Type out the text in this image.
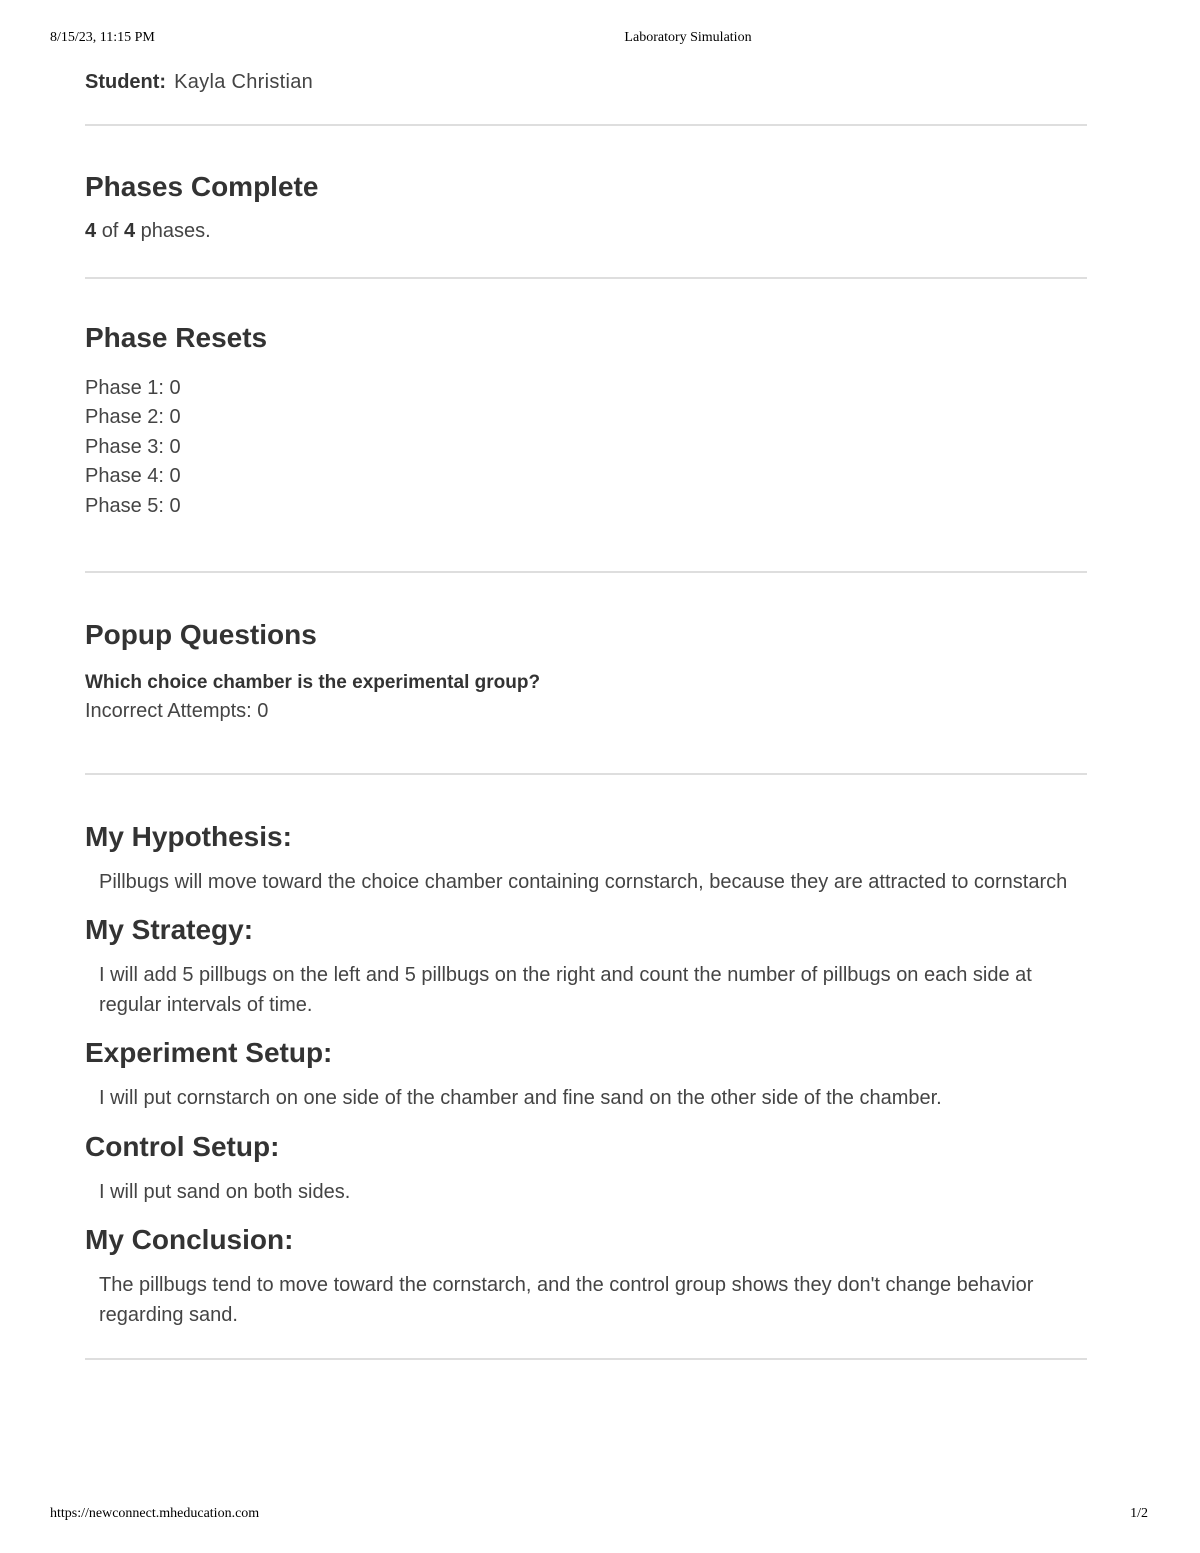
8/15/23, 11:15 PM	Laboratory Simulation

Student: Kayla Christian

Phases Complete

4 of 4 phases.

Phase Resets

Phase 1: 0

Phase 2: 0

Phase 3: 0

Phase 4: 0

Phase 5: 0

Popup Questions

Which choice chamber is the experimental group?

Incorrect Attempts: 0

My Hypothesis:

Pillbugs will move toward the choice chamber containing cornstarch, because they are attracted to cornstarch

My Strategy:

I will add 5 pillbugs on the left and 5 pillbugs on the right and count the number of pillbugs on each side at regular intervals of time.

Experiment Setup:

I will put cornstarch on one side of the chamber and fine sand on the other side of the chamber.

Control Setup:

I will put sand on both sides.

My Conclusion:

The pillbugs tend to move toward the cornstarch, and the control group shows they don't change behavior regarding sand.

https://newconnect.mheducation.com	1/2
